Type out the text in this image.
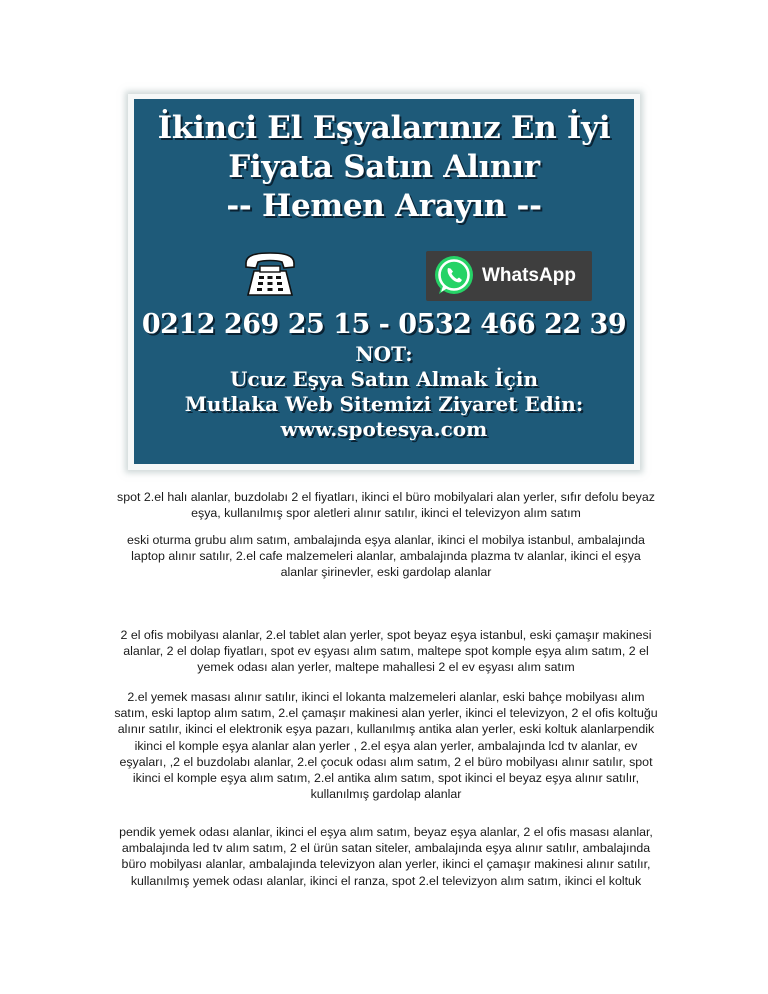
İkinci El Eşyalarınız En İyi
Fiyata Satın Alınır
-- Hemen Arayın --
WhatsApp
0212 269 25 15 - 0532 466 22 39
NOT:
Ucuz Eşya Satın Almak İçin
Mutlaka Web Sitemizi Ziyaret Edin:
www.spotesya.com

spot 2.el halı alanlar, buzdolabı 2 el fiyatları, ikinci el büro mobilyalari alan yerler, sıfır defolu beyaz eşya, kullanılmış spor aletleri alınır satılır, ikinci el televizyon alım satım

eski oturma grubu alım satım, ambalajında eşya alanlar, ikinci el mobilya istanbul, ambalajında laptop alınır satılır, 2.el cafe malzemeleri alanlar, ambalajında plazma tv alanlar, ikinci el eşya alanlar şirinevler, eski gardolap alanlar

2 el ofis mobilyası alanlar, 2.el tablet alan yerler, spot beyaz eşya istanbul, eski çamaşır makinesi alanlar, 2 el dolap fiyatları, spot ev eşyası alım satım, maltepe spot komple eşya alım satım, 2 el yemek odası alan yerler, maltepe mahallesi 2 el ev eşyası alım satım

2.el yemek masası alınır satılır, ikinci el lokanta malzemeleri alanlar, eski bahçe mobilyası alım satım, eski laptop alım satım, 2.el çamaşır makinesi alan yerler, ikinci el televizyon, 2 el ofis koltuğu alınır satılır, ikinci el elektronik eşya pazarı, kullanılmış antika alan yerler, eski koltuk alanlarpendik ikinci el komple eşya alanlar alan yerler , 2.el eşya alan yerler, ambalajında lcd tv alanlar, ev eşyaları, ,2 el buzdolabı alanlar, 2.el çocuk odası alım satım, 2 el büro mobilyası alınır satılır, spot ikinci el komple eşya alım satım, 2.el antika alım satım, spot ikinci el beyaz eşya alınır satılır, kullanılmış gardolap alanlar

pendik yemek odası alanlar, ikinci el eşya alım satım, beyaz eşya alanlar, 2 el ofis masası alanlar, ambalajında led tv alım satım, 2 el ürün satan siteler, ambalajında eşya alınır satılır, ambalajında büro mobilyası alanlar, ambalajında televizyon alan yerler, ikinci el çamaşır makinesi alınır satılır, kullanılmış yemek odası alanlar, ikinci el ranza, spot 2.el televizyon alım satım, ikinci el koltuk
